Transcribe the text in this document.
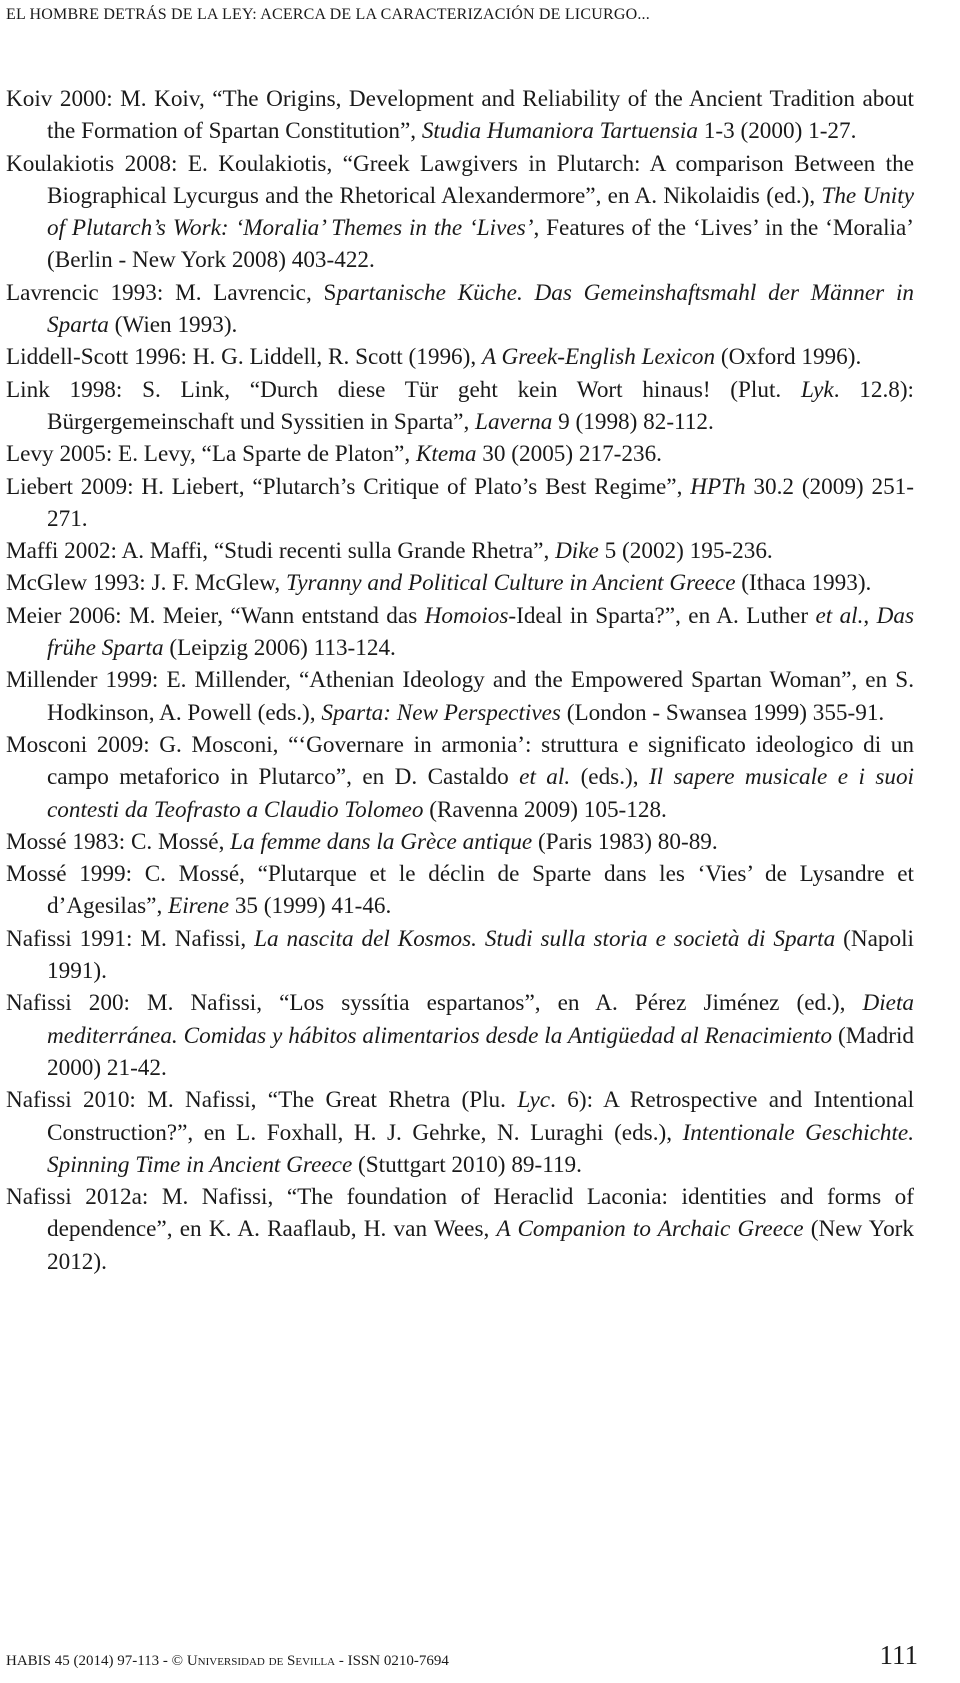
EL HOMBRE DETRÁS DE LA LEY: ACERCA DE LA CARACTERIZACIÓN DE LICURGO...
Koiv 2000: M. Koiv, “The Origins, Development and Reliability of the Ancient Tradition about the Formation of Spartan Constitution”, Studia Humaniora Tartuensia 1-3 (2000) 1-27.
Koulakiotis 2008: E. Koulakiotis, “Greek Lawgivers in Plutarch: A comparison Between the Biographical Lycurgus and the Rhetorical Alexandermore”, en A. Nikolaidis (ed.), The Unity of Plutarch’s Work: ‘Moralia’ Themes in the ‘Lives’, Features of the ‘Lives’ in the ‘Moralia’ (Berlin - New York 2008) 403-422.
Lavrencic 1993: M. Lavrencic, Spartanische Küche. Das Gemeinshaftsmahl der Männer in Sparta (Wien 1993).
Liddell-Scott 1996: H. G. Liddell, R. Scott (1996), A Greek-English Lexicon (Oxford 1996).
Link 1998: S. Link, “Durch diese Tür geht kein Wort hinaus! (Plut. Lyk. 12.8): Bürgergemeinschaft und Syssitien in Sparta”, Laverna 9 (1998) 82-112.
Levy 2005: E. Levy, “La Sparte de Platon”, Ktema 30 (2005) 217-236.
Liebert 2009: H. Liebert, “Plutarch’s Critique of Plato’s Best Regime”, HPTh 30.2 (2009) 251-271.
Maffi 2002: A. Maffi, “Studi recenti sulla Grande Rhetra”, Dike 5 (2002) 195-236.
McGlew 1993: J. F. McGlew, Tyranny and Political Culture in Ancient Greece (Ithaca 1993).
Meier 2006: M. Meier, “Wann entstand das Homoios-Ideal in Sparta?”, en A. Luther et al., Das frühe Sparta (Leipzig 2006) 113-124.
Millender 1999: E. Millender, “Athenian Ideology and the Empowered Spartan Woman”, en S. Hodkinson, A. Powell (eds.), Sparta: New Perspectives (London - Swansea 1999) 355-91.
Mosconi 2009: G. Mosconi, “‘Governare in armonia’: struttura e significato ideologico di un campo metaforico in Plutarco”, en D. Castaldo et al. (eds.), Il sapere musicale e i suoi contesti da Teofrasto a Claudio Tolomeo (Ravenna 2009) 105-128.
Mossé 1983: C. Mossé, La femme dans la Grèce antique (Paris 1983) 80-89.
Mossé 1999: C. Mossé, “Plutarque et le déclin de Sparte dans les ‘Vies’ de Lysandre et d’Agesilas”, Eirene 35 (1999) 41-46.
Nafissi 1991: M. Nafissi, La nascita del Kosmos. Studi sulla storia e società di Sparta (Napoli 1991).
Nafissi 200: M. Nafissi, “Los syssítia espartanos”, en A. Pérez Jiménez (ed.), Dieta mediterránea. Comidas y hábitos alimentarios desde la Antigüedad al Renacimiento (Madrid 2000) 21-42.
Nafissi 2010: M. Nafissi, “The Great Rhetra (Plu. Lyc. 6): A Retrospective and Intentional Construction?”, en L. Foxhall, H. J. Gehrke, N. Luraghi (eds.), Intentionale Geschichte. Spinning Time in Ancient Greece (Stuttgart 2010) 89-119.
Nafissi 2012a: M. Nafissi, “The foundation of Heraclid Laconia: identities and forms of dependence”, en K. A. Raaflaub, H. van Wees, A Companion to Archaic Greece (New York 2012).
HABIS 45 (2014) 97-113 - © Universidad de Sevilla - ISSN 0210-7694	111
